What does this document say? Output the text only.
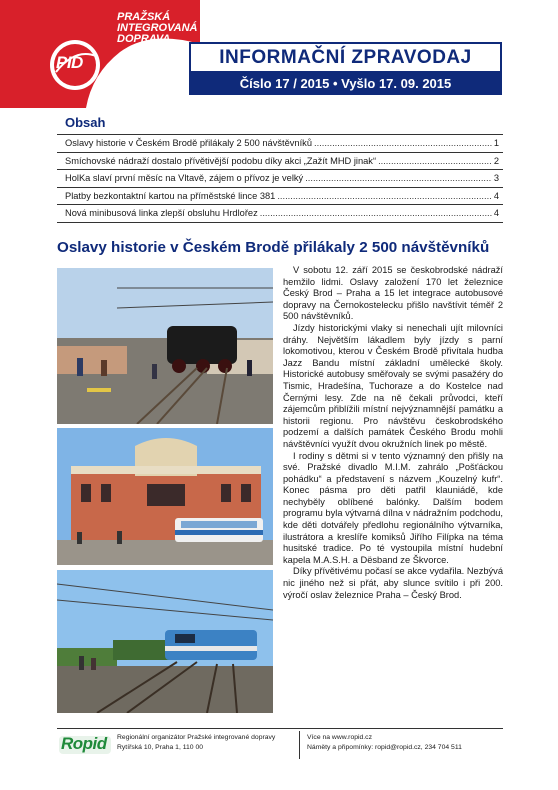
PID
PRAŽSKÁ
INTEGROVANÁ
DOPRAVA
INFORMAČNÍ ZPRAVODAJ
Číslo 17 / 2015 • Vyšlo 17. 09. 2015
Obsah
Oslavy historie v Českém Brodě přilákaly 2 500 návštěvníků .....	1
Smíchovské nádraží dostalo přívětivější podobu díky akci „Zažít MHD jinak“ .....	2
HolKa slaví první měsíc na Vltavě, zájem o přívoz je velký .....	3
Platby bezkontaktní kartou na příměstské lince 381 .....	4
Nová minibusová linka zlepší obsluhu Hrdlořez .....	4
Oslavy historie v Českém Brodě přilákaly 2 500 návštěvníků

V sobotu 12. září 2015 se českobrodské nádraží hemžilo lidmi. Oslavy založení 170 let železnice Český Brod – Praha a 15 let integrace autobusové dopravy na Černokostelecku přišlo navštívit téměř 2 500 návštěvníků.

Jízdy historickými vlaky si nenechali ujít milovníci dráhy. Největším lákadlem byly jízdy s parní lokomotivou, kterou v Českém Brodě přivítala hudba Jazz Bandu místní základní umělecké školy. Historické autobusy směřovaly se svými pasažéry do Tismic, Hradešína, Tuchoraze a do Kostelce nad Černými lesy. Zde na ně čekali průvodci, kteří zájemcům přiblížili místní nejvýznamnější památku a historii regionu. Pro návštěvu českobrodského podzemí a dalších památek Českého Brodu mohli návštěvníci využít dvou okružních linek po městě.

I rodiny s dětmi si v tento významný den přišly na své. Pražské divadlo M.I.M. zahrálo „Pošťáckou pohádku“ a představení s názvem „Kouzelný kufr“. Konec pásma pro děti patřil klauniádě, kde nechyběly oblíbené balónky. Dalším bodem programu byla výtvarná dílna v nádražním podchodu, kde děti dotvářely předlohu regionálního výtvarníka, ilustrátora a kreslíře komiksů Jiřího Filípka na téma husitské tradice. Po té vystoupila místní hudební kapela M.A.S.H. a Dësband ze Škvorce.

Díky přívětivému počasí se akce vydařila. Nezbývá nic jiného než si přát, aby slunce svítilo i při 200. výročí oslav železnice Praha – Český Brod.

Ropid Regionální organizátor Pražské integrované dopravy
Rytířská 10, Praha 1, 110 00
Více na www.ropid.cz
Náměty a připomínky: ropid@ropid.cz, 234 704 511
